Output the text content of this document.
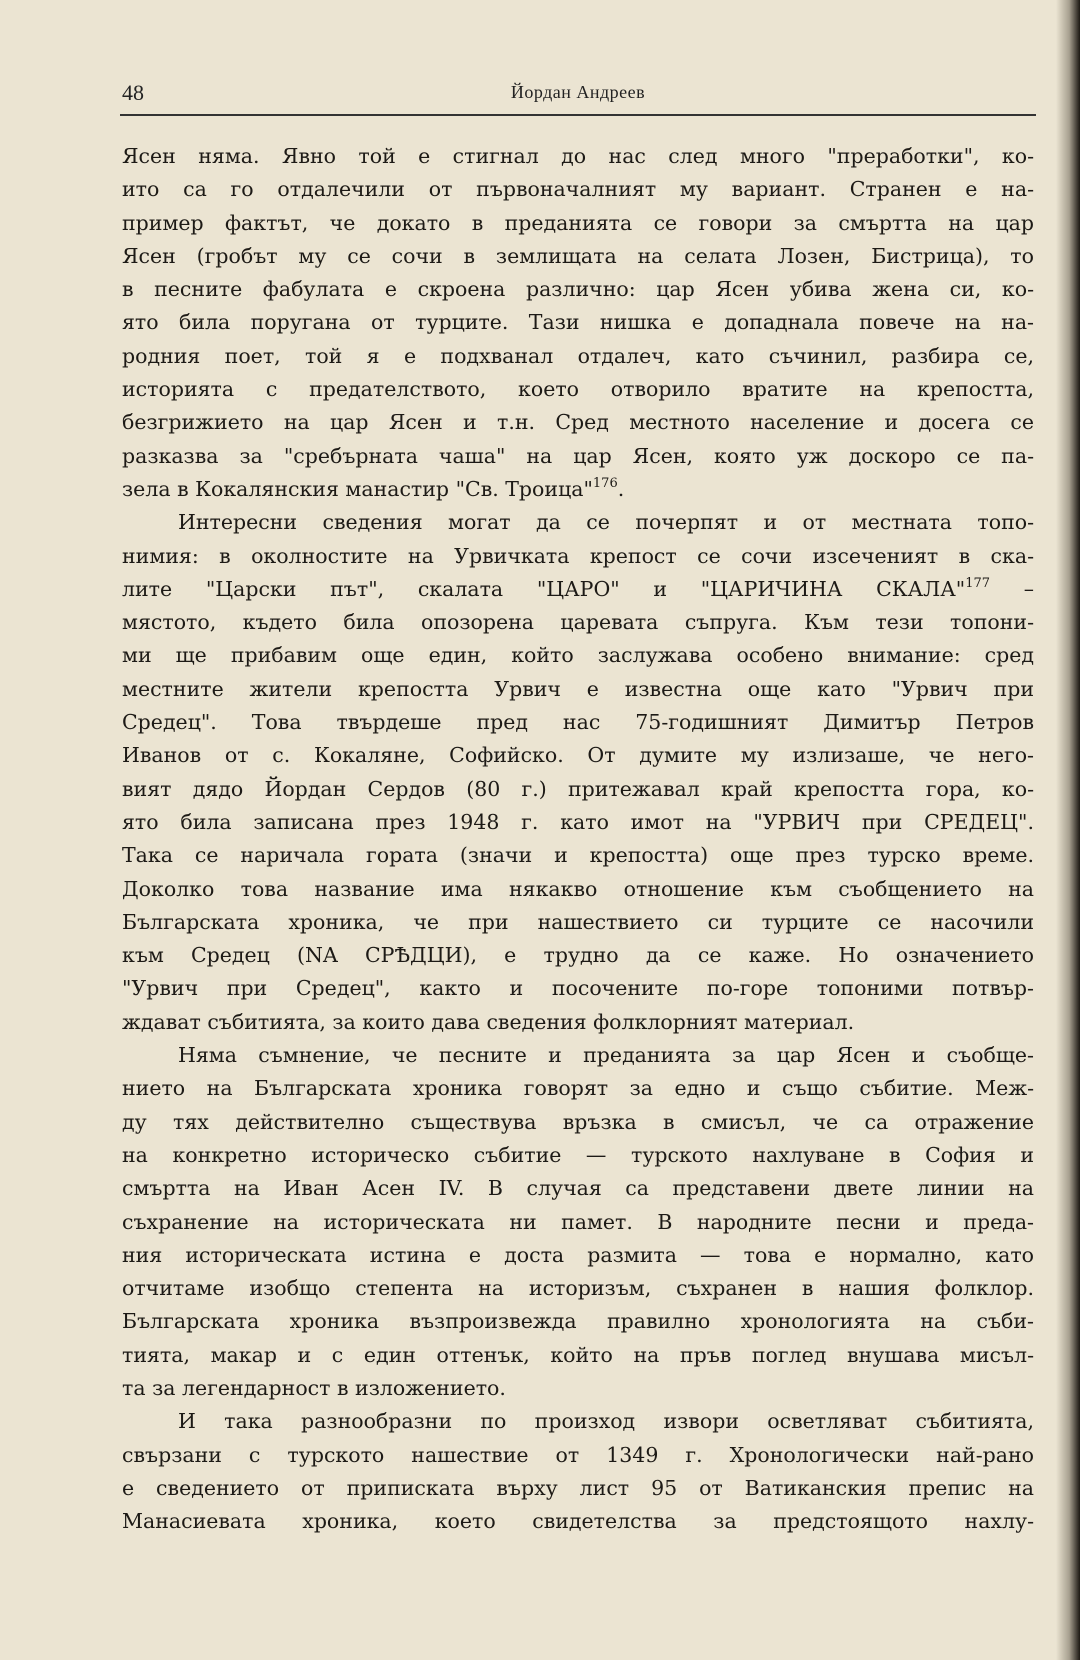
48	Йордан Андреев
Ясен няма. Явно той е стигнал до нас след много "преработки", ко-
ито са го отдалечили от първоначалният му вариант. Странен е на-
пример фактът, че докато в преданията се говори за смъртта на цар
Ясен (гробът му се сочи в землищата на селата Лозен, Бистрица), то
в песните фабулата е скроена различно: цар Ясен убива жена си, ко-
ято била поругана от турците. Тази нишка е допаднала повече на на-
родния поет, той я е подхванал отдалеч, като съчинил, разбира се,
историята с предателството, което отворило вратите на крепостта,
безгрижието на цар Ясен и т.н. Сред местното население и досега се
разказва за "сребърната чаша" на цар Ясен, която уж доскоро се па-
зела в Кокалянския манастир "Св. Троица"$^{176}$.
Интересни сведения могат да се почерпят и от местната топо-
нимия: в околностите на Урвичката крепост се сочи изсеченият в ска-
лите "Царски път", скалата "ЦАРО" и "ЦАРИЧИНА СКАЛА"$^{177}$ –
мястото, където била опозорена царевата съпруга. Към тези топони-
ми ще прибавим още един, който заслужава особено внимание: сред
местните жители крепостта Урвич е известна още като "Урвич при
Средец". Това твърдеше пред нас 75-годишният Димитър Петров
Иванов от с. Кокаляне, Софийско. От думите му излизаше, че него-
вият дядо Йордан Сердов (80 г.) притежавал край крепостта гора, ко-
ято била записана през 1948 г. като имот на "УРВИЧ при СРЕДЕЦ".
Така се наричала гората (значи и крепостта) още през турско време.
Доколко това название има някакво отношение към съобщението на
Българската хроника, че при нашествието си турците се насочили
към Средец (ΝΑ СРѢДЦИ), е трудно да се каже. Но означението
"Урвич при Средец", както и посочените по-горе топоними потвър-
ждават събитията, за които дава сведения фолклорният материал.
Няма съмнение, че песните и преданията за цар Ясен и съобще-
нието на Българската хроника говорят за едно и също събитие. Меж-
ду тях действително съществува връзка в смисъл, че са отражение
на конкретно историческо събитие — турското нахлуване в София и
смъртта на Иван Асен IV. В случая са представени двете линии на
съхранение на историческата ни памет. В народните песни и преда-
ния историческата истина е доста размита — това е нормално, като
отчитаме изобщо степента на историзъм, съхранен в нашия фолклор.
Българската хроника възпроизвежда правилно хронологията на съби-
тията, макар и с един оттенък, който на пръв поглед внушава мисъл-
та за легендарност в изложението.
И така разнообразни по произход извори осветляват събитията,
свързани с турското нашествие от 1349 г. Хронологически най-рано
е сведението от приписката върху лист 95 от Ватиканския препис на
Манасиевата хроника, което свидетелства за предстоящото нахлу-
